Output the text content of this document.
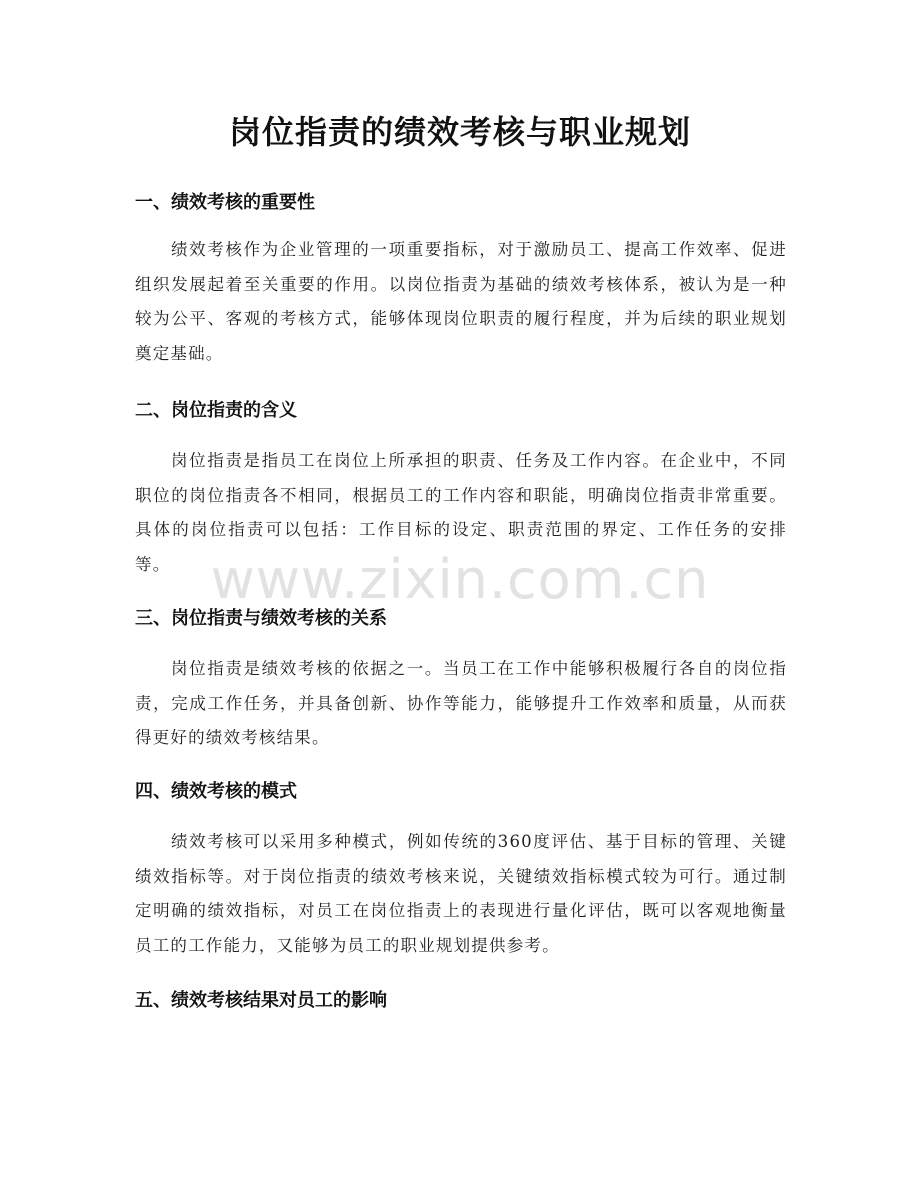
岗位指责的绩效考核与职业规划
一、绩效考核的重要性

绩效考核作为企业管理的一项重要指标，对于激励员工、提高工作效率、促进组织发展起着至关重要的作用。以岗位指责为基础的绩效考核体系，被认为是一种较为公平、客观的考核方式，能够体现岗位职责的履行程度，并为后续的职业规划奠定基础。

二、岗位指责的含义

岗位指责是指员工在岗位上所承担的职责、任务及工作内容。在企业中，不同职位的岗位指责各不相同，根据员工的工作内容和职能，明确岗位指责非常重要。具体的岗位指责可以包括：工作目标的设定、职责范围的界定、工作任务的安排等。 www.zixin.com.cn
三、岗位指责与绩效考核的关系

岗位指责是绩效考核的依据之一。当员工在工作中能够积极履行各自的岗位指责，完成工作任务，并具备创新、协作等能力，能够提升工作效率和质量，从而获得更好的绩效考核结果。

四、绩效考核的模式

绩效考核可以采用多种模式，例如传统的360度评估、基于目标的管理、关键绩效指标等。对于岗位指责的绩效考核来说，关键绩效指标模式较为可行。通过制定明确的绩效指标，对员工在岗位指责上的表现进行量化评估，既可以客观地衡量员工的工作能力，又能够为员工的职业规划提供参考。

五、绩效考核结果对员工的影响
